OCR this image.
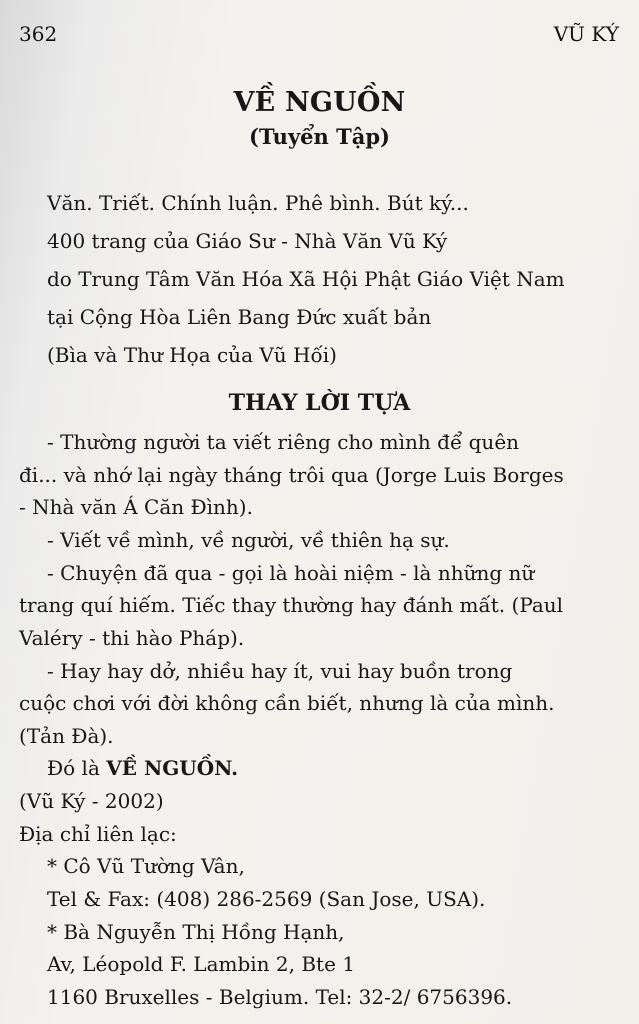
362	VŨ KÝ
VỀ NGUỒN
(Tuyển Tập)
Văn. Triết. Chính luận. Phê bình. Bút ký...
400 trang của Giáo Sư - Nhà Văn Vũ Ký
do Trung Tâm Văn Hóa Xã Hội Phật Giáo Việt Nam
tại Cộng Hòa Liên Bang Đức xuất bản
(Bìa và Thư Họa của Vũ Hối)
THAY LỜI TỰA
- Thường người ta viết riêng cho mình để quên
đi... và nhớ lại ngày tháng trôi qua (Jorge Luis Borges
- Nhà văn Á Căn Đình).
- Viết về mình, về người, về thiên hạ sự.
- Chuyện đã qua - gọi là hoài niệm - là những nữ
trang quí hiếm. Tiếc thay thường hay đánh mất. (Paul
Valéry - thi hào Pháp).
- Hay hay dở, nhiều hay ít, vui hay buồn trong
cuộc chơi với đời không cần biết, nhưng là của mình.
(Tản Đà).
Đó là VỀ NGUỒN.
(Vũ Ký - 2002)
Địa chỉ liên lạc:
* Cô Vũ Tường Vân,
Tel & Fax: (408) 286-2569 (San Jose, USA).
* Bà Nguyễn Thị Hồng Hạnh,
Av, Léopold F. Lambin 2, Bte 1
1160 Bruxelles - Belgium. Tel: 32-2/ 6756396.
